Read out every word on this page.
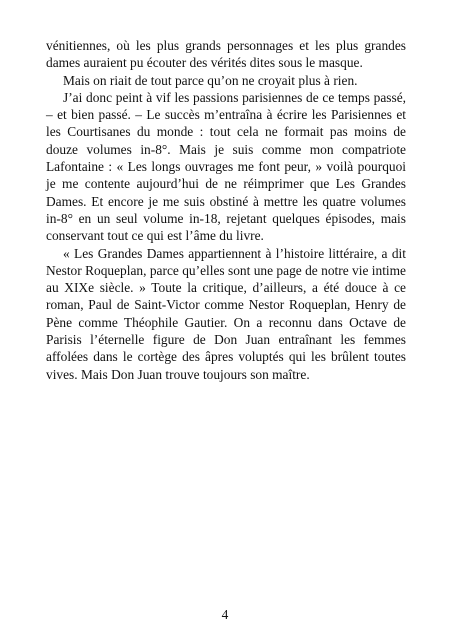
vénitiennes, où les plus grands personnages et les plus grandes dames auraient pu écouter des vérités dites sous le masque.

Mais on riait de tout parce qu’on ne croyait plus à rien.

J’ai donc peint à vif les passions parisiennes de ce temps passé, – et bien passé. – Le succès m’entraîna à écrire les Parisiennes et les Courtisanes du monde : tout cela ne formait pas moins de douze volumes in-8°. Mais je suis comme mon compatriote Lafontaine : « Les longs ouvrages me font peur, » voilà pourquoi je me contente aujourd’hui de ne réimprimer que Les Grandes Dames. Et encore je me suis obstiné à mettre les quatre volumes in-8° en un seul volume in-18, rejetant quelques épisodes, mais conservant tout ce qui est l’âme du livre.

« Les Grandes Dames appartiennent à l’histoire littéraire, a dit Nestor Roqueplan, parce qu’elles sont une page de notre vie intime au XIXe siècle. » Toute la critique, d’ailleurs, a été douce à ce roman, Paul de Saint-Victor comme Nestor Roqueplan, Henry de Pène comme Théophile Gautier. On a reconnu dans Octave de Parisis l’éternelle figure de Don Juan entraînant les femmes affolées dans le cortège des âpres voluptés qui les brûlent toutes vives. Mais Don Juan trouve toujours son maître.

4
